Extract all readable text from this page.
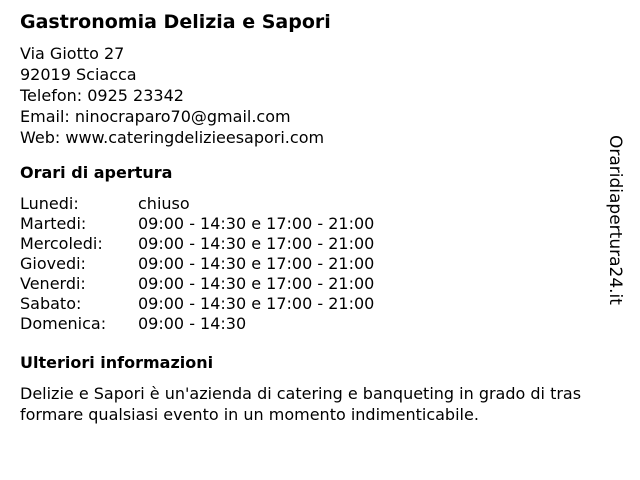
Gastronomia Delizia e Sapori
Via Giotto 27
92019 Sciacca
Telefon: 0925 23342
Email: ninocraparo70@gmail.com
Web: www.cateringdelizieesapori.com
Orari di apertura
Lunedi:	chiuso
Martedi:	09:00 - 14:30 e 17:00 - 21:00
Mercoledi: 09:00 - 14:30 e 17:00 - 21:00
Giovedi:	09:00 - 14:30 e 17:00 - 21:00
Venerdi:	09:00 - 14:30 e 17:00 - 21:00
Sabato:	09:00 - 14:30 e 17:00 - 21:00
Domenica: 09:00 - 14:30
Ulteriori informazioni
Delizie e Sapori è un'azienda di catering e banqueting in grado di trasformare qualsiasi evento in un momento indimenticabile.
Oraridiapertura24.it
